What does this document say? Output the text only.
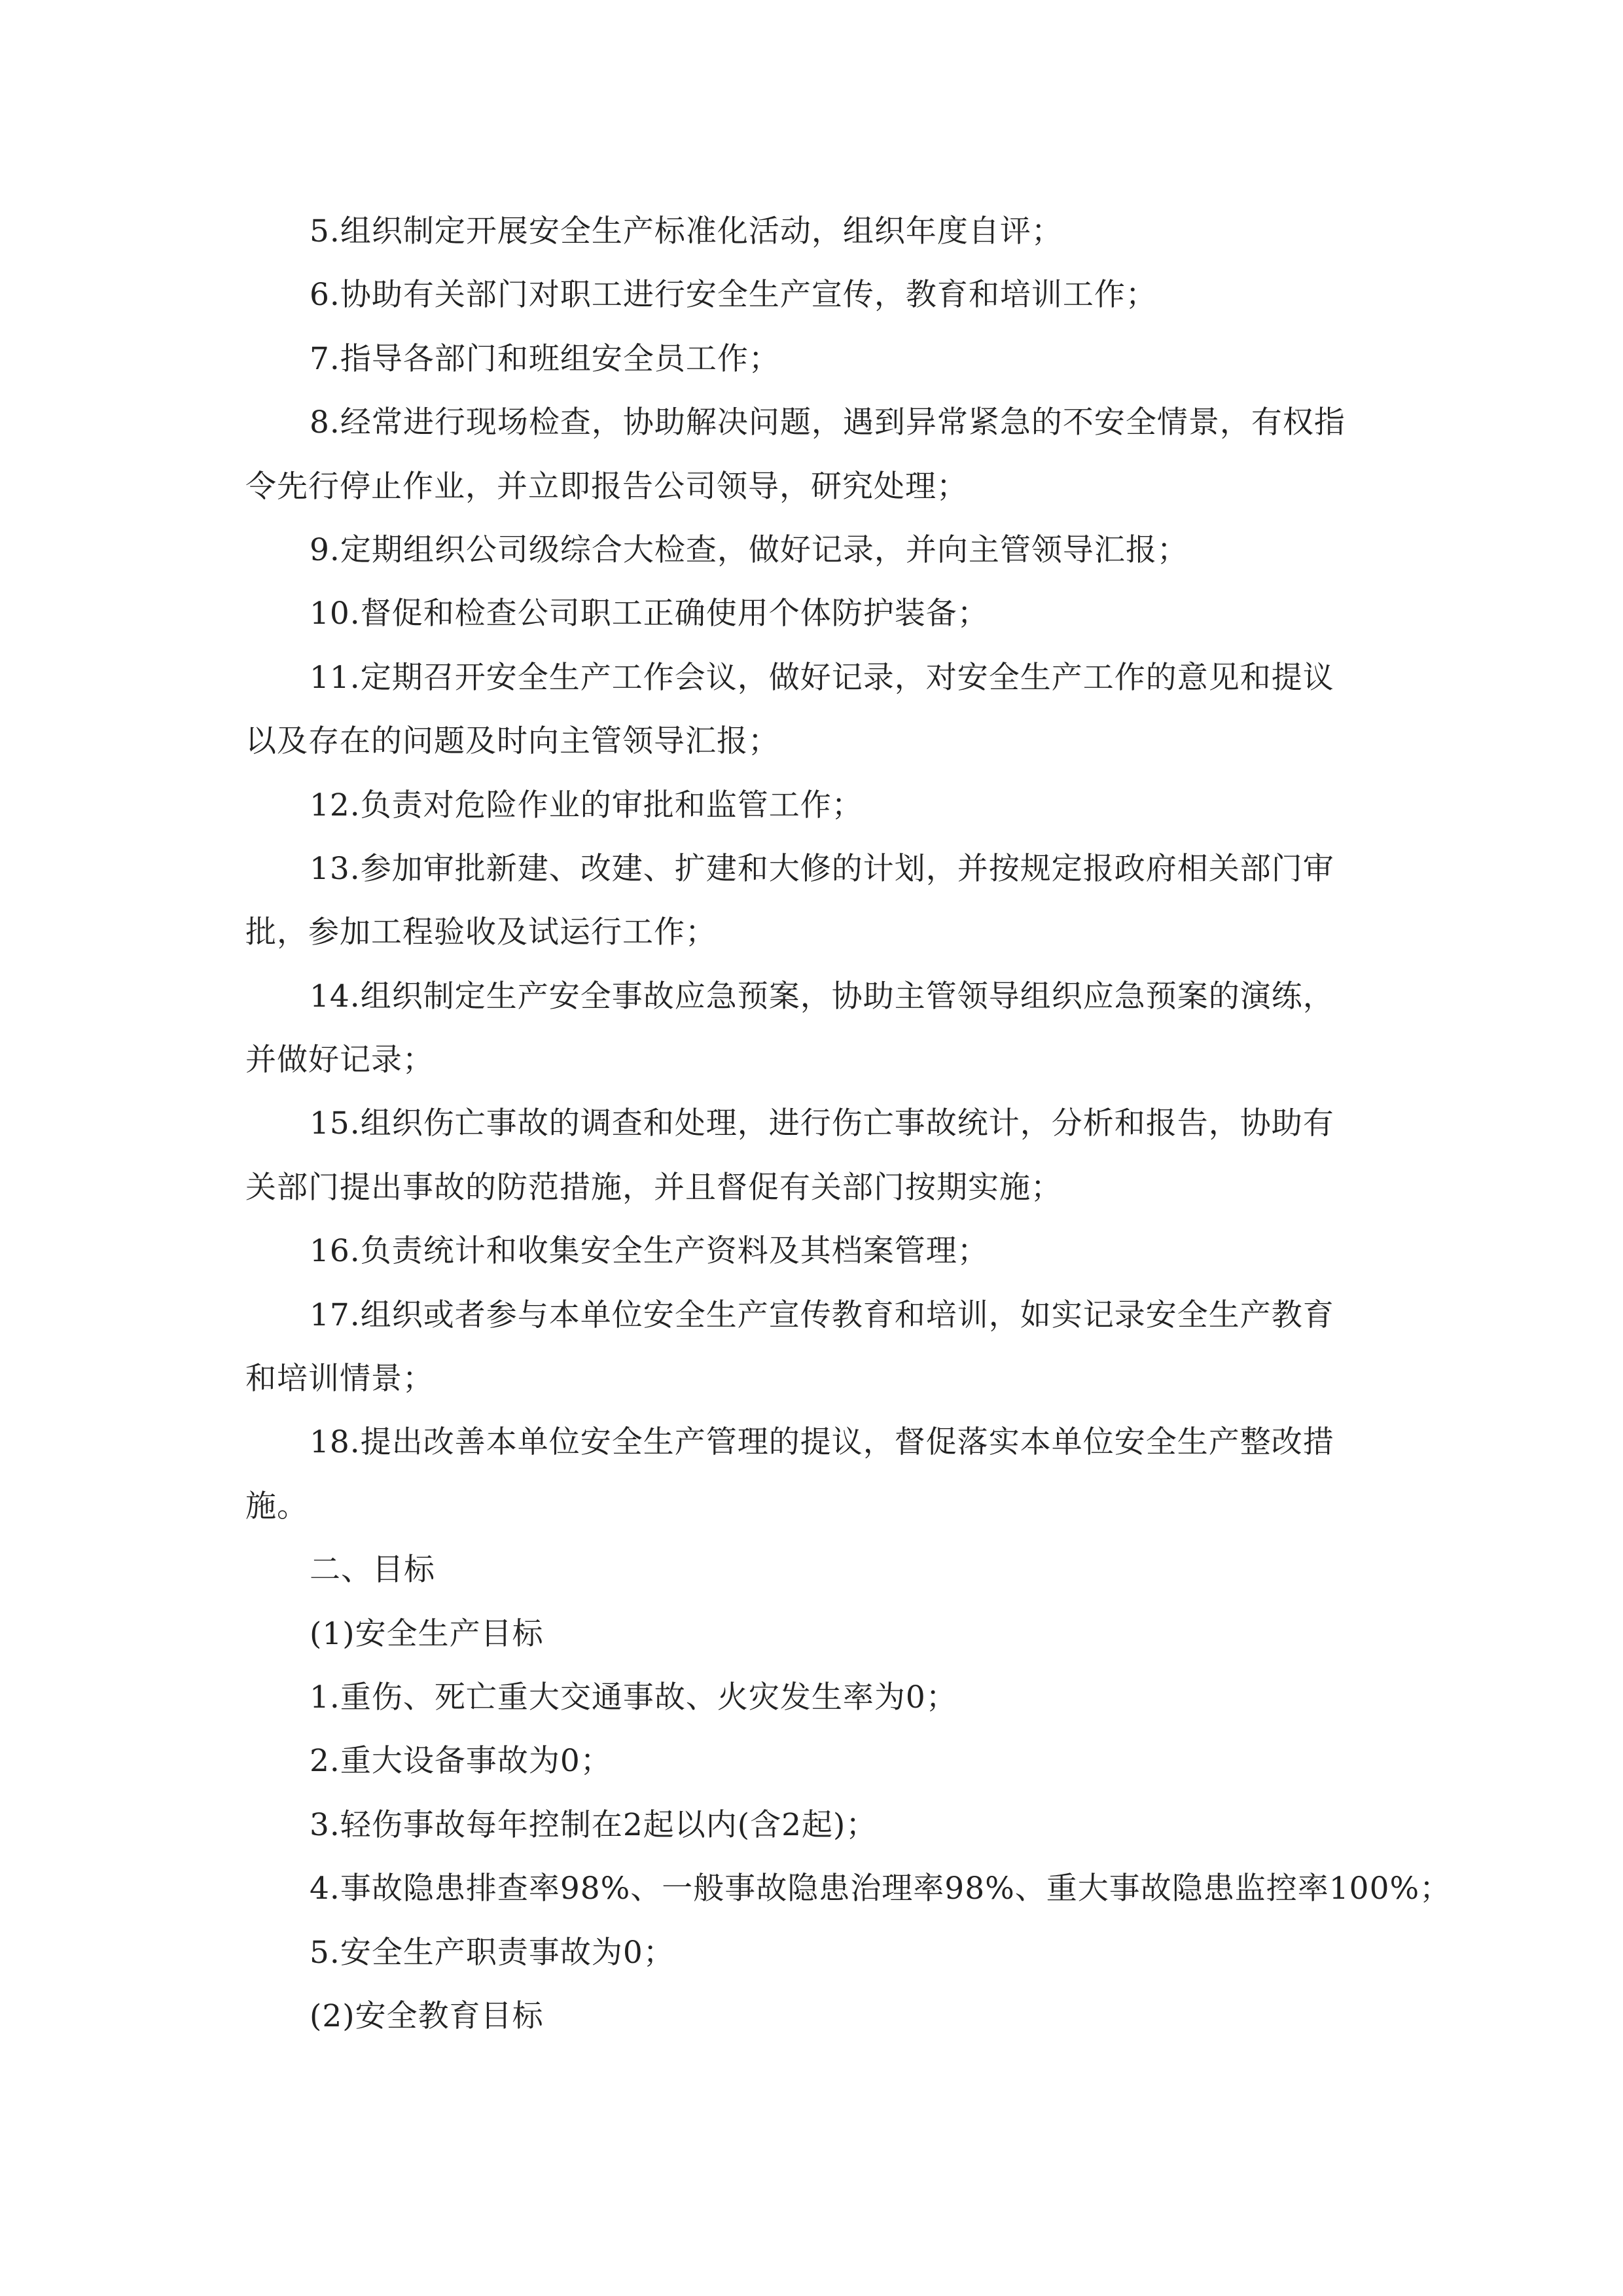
5.组织制定开展安全生产标准化活动，组织年度自评；
6.协助有关部门对职工进行安全生产宣传，教育和培训工作；
7.指导各部门和班组安全员工作；
8.经常进行现场检查，协助解决问题，遇到异常紧急的不安全情景，有权指
令先行停止作业，并立即报告公司领导，研究处理；
9.定期组织公司级综合大检查，做好记录，并向主管领导汇报；
10.督促和检查公司职工正确使用个体防护装备；
11.定期召开安全生产工作会议，做好记录，对安全生产工作的意见和提议
以及存在的问题及时向主管领导汇报；
12.负责对危险作业的审批和监管工作；
13.参加审批新建、改建、扩建和大修的计划，并按规定报政府相关部门审
批，参加工程验收及试运行工作；
14.组织制定生产安全事故应急预案，协助主管领导组织应急预案的演练，
并做好记录；
15.组织伤亡事故的调查和处理，进行伤亡事故统计，分析和报告，协助有
关部门提出事故的防范措施，并且督促有关部门按期实施；
16.负责统计和收集安全生产资料及其档案管理；
17.组织或者参与本单位安全生产宣传教育和培训，如实记录安全生产教育
和培训情景；
18.提出改善本单位安全生产管理的提议，督促落实本单位安全生产整改措
施。
二、目标
(1)安全生产目标
1.重伤、死亡重大交通事故、火灾发生率为0；
2.重大设备事故为0；
3.轻伤事故每年控制在2起以内(含2起)；
4.事故隐患排查率98%、一般事故隐患治理率98%、重大事故隐患监控率100%；
5.安全生产职责事故为0；
(2)安全教育目标
